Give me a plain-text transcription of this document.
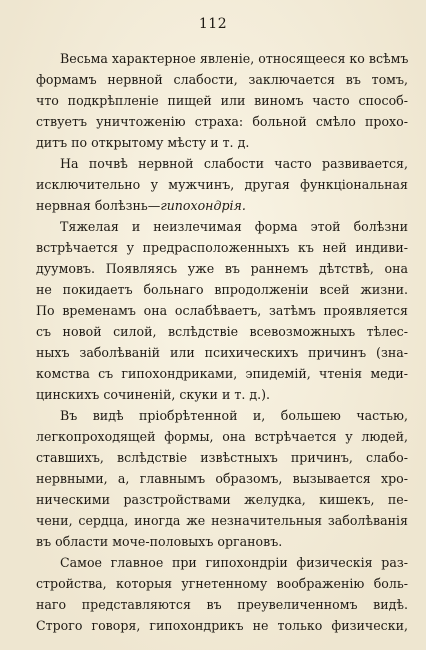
112
Весьма характерное явленіе, относящееся ко всѣмъ
формамъ нервной слабости, заключается въ томъ,
что подкрѣпленіе пищей или виномъ часто способ-
ствуетъ уничтоженію страха: больной смѣло прохо-
дитъ по открытому мѣсту и т. д.
На почвѣ нервной слабости часто развивается,
исключительно у мужчинъ, другая функціональная
нервная болѣзнь—гипохондрія.
Тяжелая и неизлечимая форма этой болѣзни
встрѣчается у предрасположенныхъ къ ней индиви-
дуумовъ. Появляясь уже въ раннемъ дѣтствѣ, она
не покидаетъ больнаго впродолженіи всей жизни.
По временамъ она ослабѣваетъ, затѣмъ проявляется
съ новой силой, вслѣдствіе всевозможныхъ тѣлес-
ныхъ заболѣваній или психическихъ причинъ (зна-
комства съ гипохондриками, эпидемій, чтенія меди-
цинскихъ сочиненій, скуки и т. д.).
Въ видѣ пріобрѣтенной и, большею частью,
легкопроходящей формы, она встрѣчается у людей,
ставшихъ, вслѣдствіе извѣстныхъ причинъ, слабо-
нервными, а, главнымъ образомъ, вызывается хро-
ническими разстройствами желудка, кишекъ, пе-
чени, сердца, иногда же незначительныя заболѣванія
въ области моче-половыхъ органовъ.
Самое главное при гипохондріи физическія раз-
стройства, которыя угнетенному воображенію боль-
наго представляются въ преувеличенномъ видѣ.
Строго говоря, гипохондрикъ не только физически,
